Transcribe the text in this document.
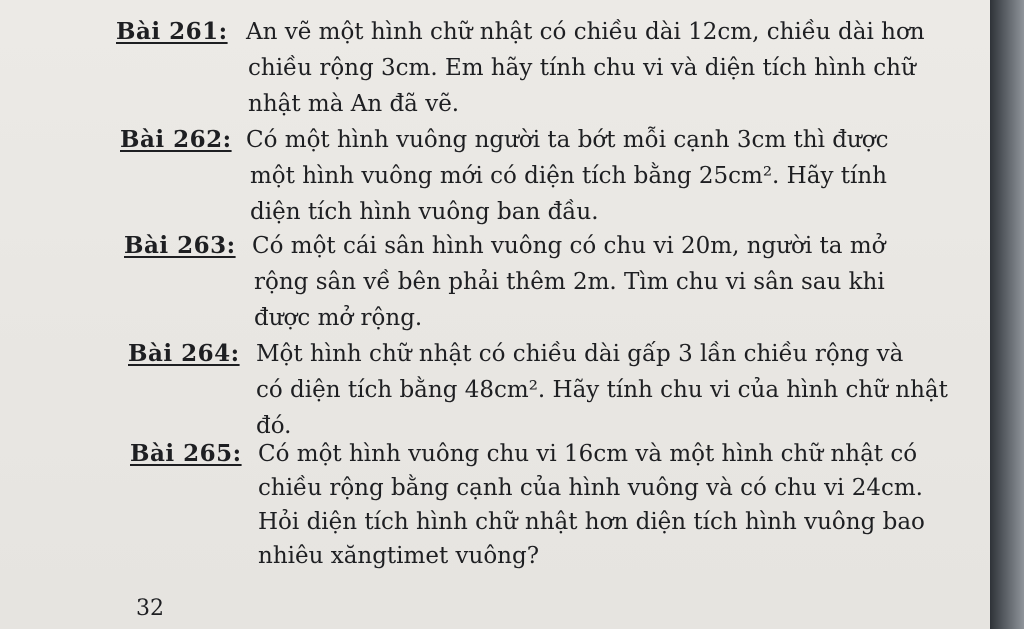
Bài 261: An vẽ một hình chữ nhật có chiều dài 12cm, chiều dài hơn
chiều rộng 3cm. Em hãy tính chu vi và diện tích hình chữ
nhật mà An đã vẽ.
Bài 262: Có một hình vuông người ta bớt mỗi cạnh 3cm thì được
một hình vuông mới có diện tích bằng 25cm². Hãy tính
diện tích hình vuông ban đầu.
Bài 263: Có một cái sân hình vuông có chu vi 20m, người ta mở
rộng sân về bên phải thêm 2m. Tìm chu vi sân sau khi
được mở rộng.
Bài 264: Một hình chữ nhật có chiều dài gấp 3 lần chiều rộng và
có diện tích bằng 48cm². Hãy tính chu vi của hình chữ nhật
đó.
Bài 265: Có một hình vuông chu vi 16cm và một hình chữ nhật có
chiều rộng bằng cạnh của hình vuông và có chu vi 24cm.
Hỏi diện tích hình chữ nhật hơn diện tích hình vuông bao
nhiêu xăngtimet vuông?
32
